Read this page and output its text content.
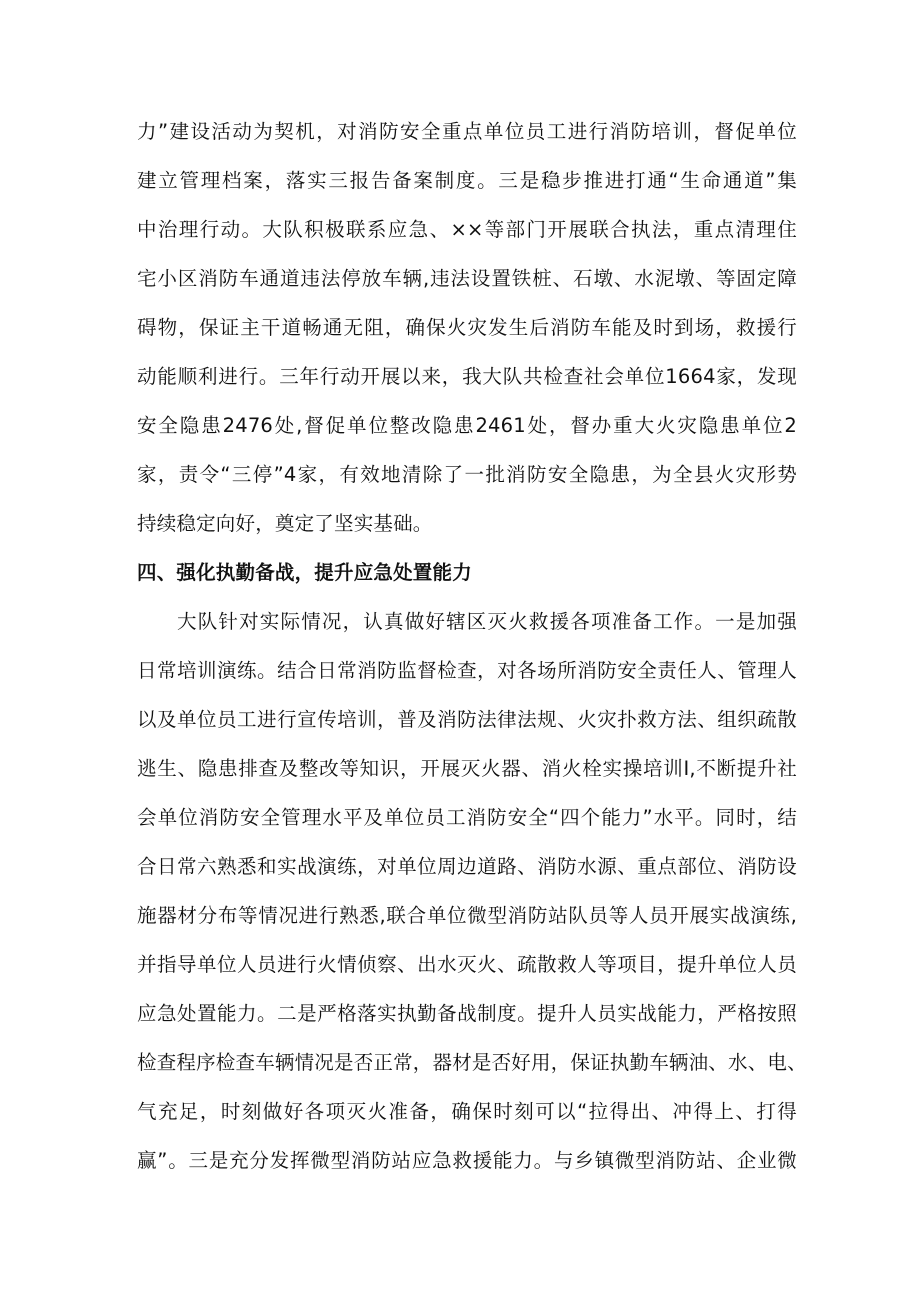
力”建设活动为契机，对消防安全重点单位员工进行消防培训，督促单位
建立管理档案，落实三报告备案制度。三是稳步推进打通“生命通道”集
中治理行动。大队积极联系应急、××等部门开展联合执法，重点清理住
宅小区消防车通道违法停放车辆,违法设置铁桩、石墩、水泥墩、等固定障
碍物，保证主干道畅通无阻，确保火灾发生后消防车能及时到场，救援行
动能顺利进行。三年行动开展以来，我大队共检查社会单位1664家，发现
安全隐患2476处,督促单位整改隐患2461处，督办重大火灾隐患单位2
家，责令“三停”4家，有效地清除了一批消防安全隐患，为全县火灾形势
持续稳定向好，奠定了坚实基础。
四、强化执勤备战，提升应急处置能力
大队针对实际情况，认真做好辖区灭火救援各项准备工作。一是加强
日常培训演练。结合日常消防监督检查，对各场所消防安全责任人、管理人
以及单位员工进行宣传培训，普及消防法律法规、火灾扑救方法、组织疏散
逃生、隐患排查及整改等知识，开展灭火器、消火栓实操培训I,不断提升社
会单位消防安全管理水平及单位员工消防安全“四个能力”水平。同时，结
合日常六熟悉和实战演练，对单位周边道路、消防水源、重点部位、消防设
施器材分布等情况进行熟悉,联合单位微型消防站队员等人员开展实战演练,
并指导单位人员进行火情侦察、出水灭火、疏散救人等项目，提升单位人员
应急处置能力。二是严格落实执勤备战制度。提升人员实战能力，严格按照
检查程序检查车辆情况是否正常，器材是否好用，保证执勤车辆油、水、电、
气充足，时刻做好各项灭火准备，确保时刻可以“拉得出、冲得上、打得
赢”。三是充分发挥微型消防站应急救援能力。与乡镇微型消防站、企业微
